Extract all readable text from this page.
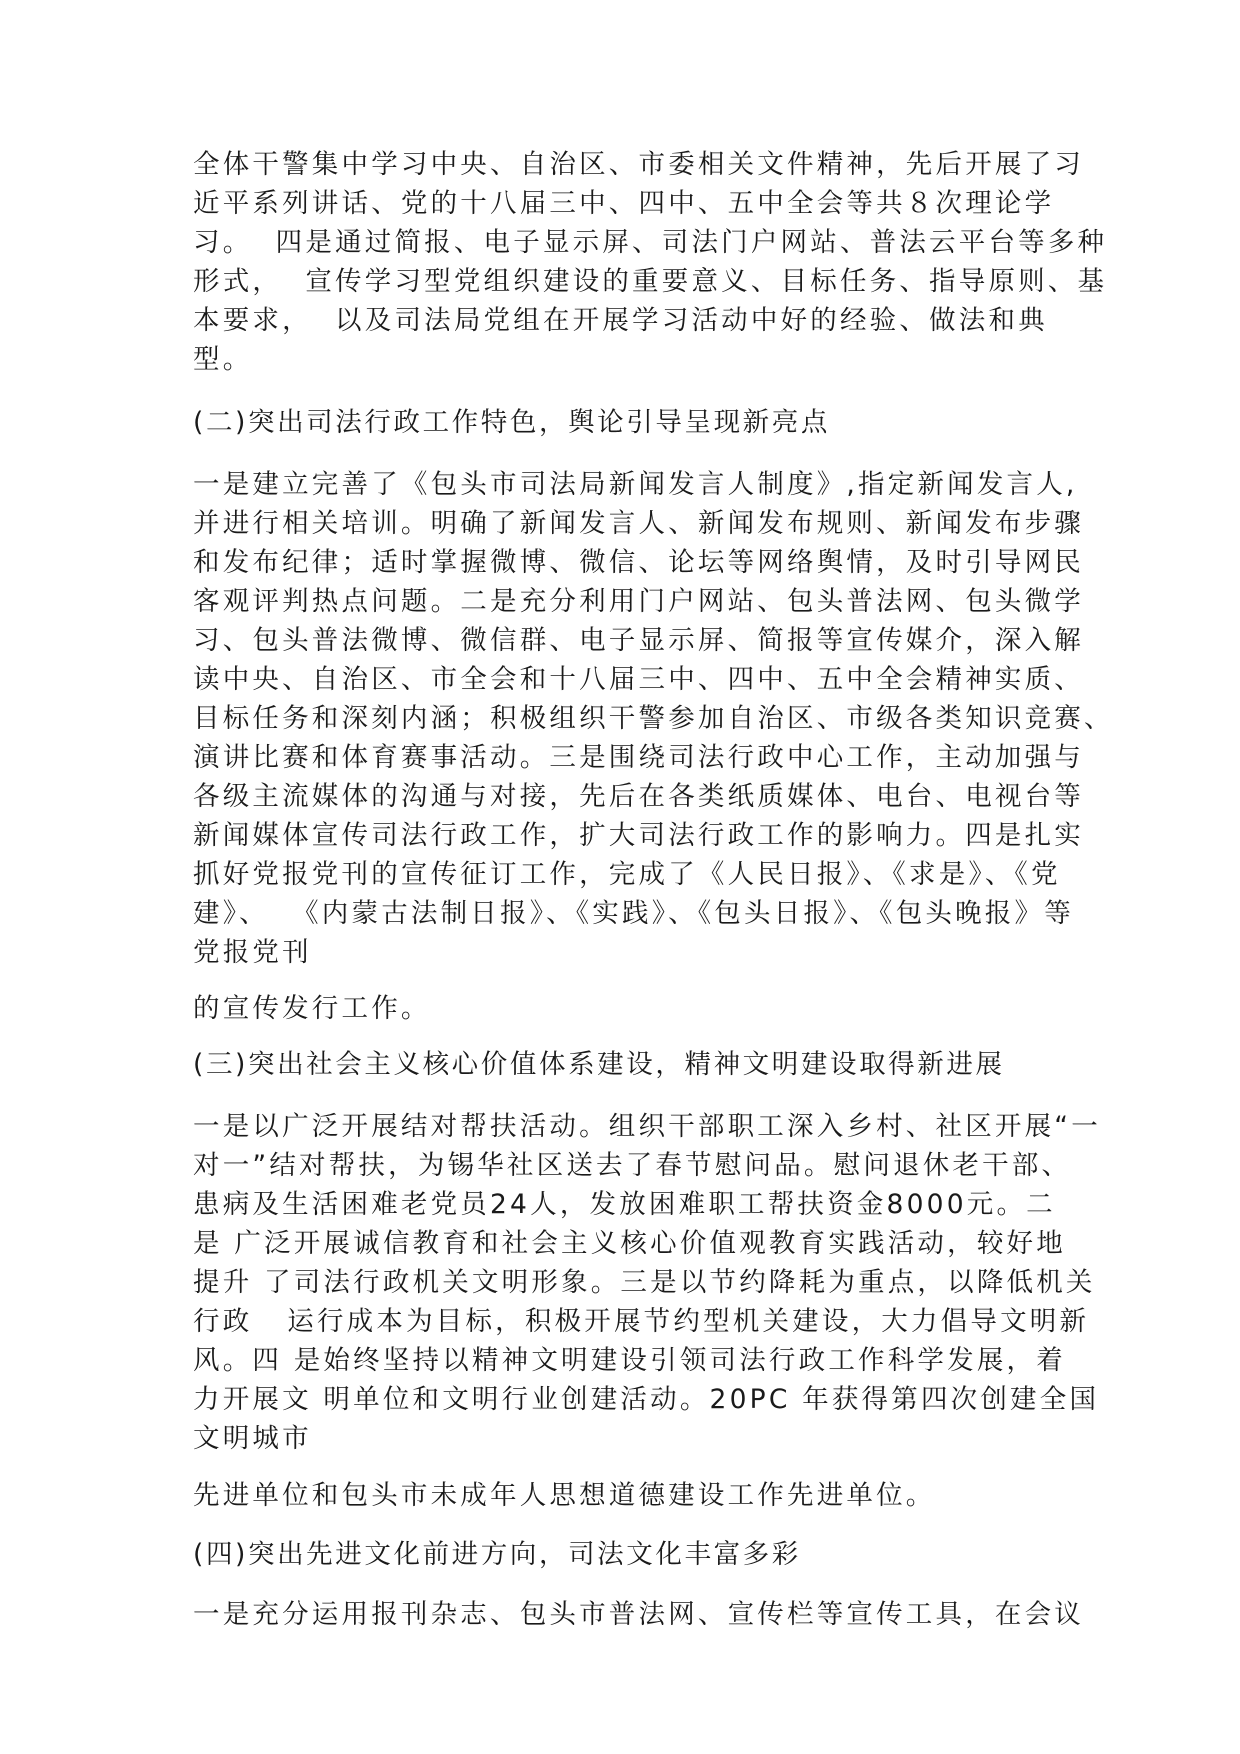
全体干警集中学习中央、自治区、市委相关文件精神，先后开展了习
近平系列讲话、党的十八届三中、四中、五中全会等共８次理论学
习。  四是通过简报、电子显示屏、司法门户网站、普法云平台等多种
形式，  宣传学习型党组织建设的重要意义、目标任务、指导原则、基
本要求，  以及司法局党组在开展学习活动中好的经验、做法和典
型。
(二)突出司法行政工作特色，舆论引导呈现新亮点
一是建立完善了《包头市司法局新闻发言人制度》,指定新闻发言人,
并进行相关培训。明确了新闻发言人、新闻发布规则、新闻发布步骤
和发布纪律；适时掌握微博、微信、论坛等网络舆情，及时引导网民
客观评判热点问题。二是充分利用门户网站、包头普法网、包头微学
习、包头普法微博、微信群、电子显示屏、简报等宣传媒介，深入解
读中央、自治区、市全会和十八届三中、四中、五中全会精神实质、
目标任务和深刻内涵；积极组织干警参加自治区、市级各类知识竞赛、
演讲比赛和体育赛事活动。三是围绕司法行政中心工作，主动加强与
各级主流媒体的沟通与对接，先后在各类纸质媒体、电台、电视台等
新闻媒体宣传司法行政工作，扩大司法行政工作的影响力。四是扎实
抓好党报党刊的宣传征订工作，完成了《人民日报》、《求是》、《党
建》、  《内蒙古法制日报》、《实践》、《包头日报》、《包头晚报》等
党报党刊
的宣传发行工作。
(三)突出社会主义核心价值体系建设，精神文明建设取得新进展
一是以广泛开展结对帮扶活动。组织干部职工深入乡村、社区开展“一
对一”结对帮扶，为锡华社区送去了春节慰问品。慰问退休老干部、
患病及生活困难老党员24人，发放困难职工帮扶资金8000元。二
是 广泛开展诚信教育和社会主义核心价值观教育实践活动，较好地
提升 了司法行政机关文明形象。三是以节约降耗为重点，以降低机关
行政   运行成本为目标，积极开展节约型机关建设，大力倡导文明新
风。四 是始终坚持以精神文明建设引领司法行政工作科学发展，着
力开展文 明单位和文明行业创建活动。20PC 年获得第四次创建全国
文明城市
先进单位和包头市未成年人思想道德建设工作先进单位。
(四)突出先进文化前进方向，司法文化丰富多彩
一是充分运用报刊杂志、包头市普法网、宣传栏等宣传工具，在会议
